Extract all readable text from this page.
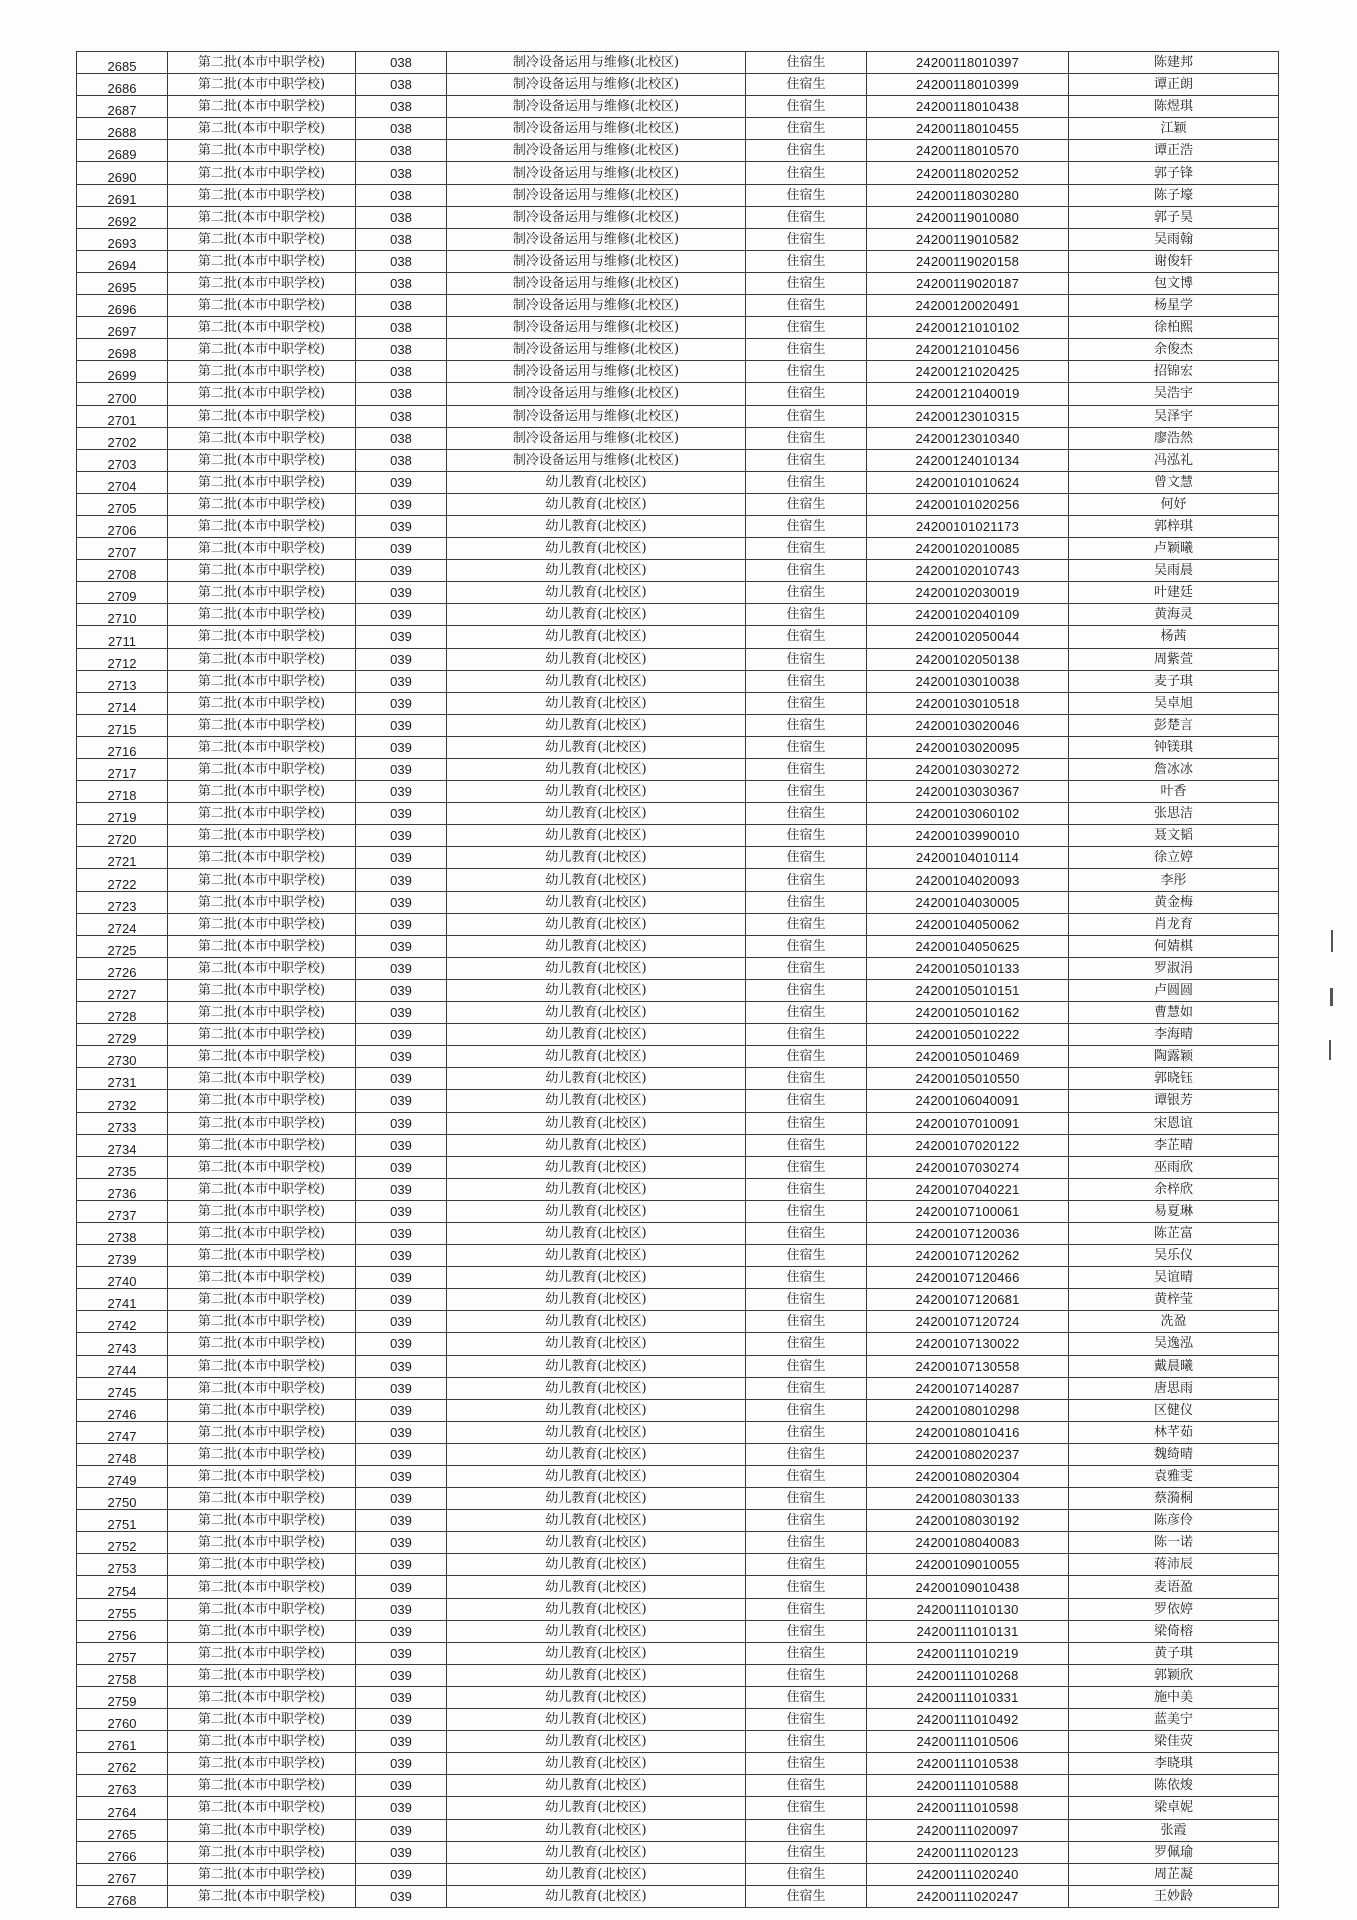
2685	第二批(本市中职学校)	038	制冷设备运用与维修(北校区)	住宿生	24200118010397	陈建邦
2686	第二批(本市中职学校)	038	制冷设备运用与维修(北校区)	住宿生	24200118010399	谭正朗
2687	第二批(本市中职学校)	038	制冷设备运用与维修(北校区)	住宿生	24200118010438	陈煜琪
2688	第二批(本市中职学校)	038	制冷设备运用与维修(北校区)	住宿生	24200118010455	江颖
2689	第二批(本市中职学校)	038	制冷设备运用与维修(北校区)	住宿生	24200118010570	谭正浩
2690	第二批(本市中职学校)	038	制冷设备运用与维修(北校区)	住宿生	24200118020252	郭子锋
2691	第二批(本市中职学校)	038	制冷设备运用与维修(北校区)	住宿生	24200118030280	陈子壕
2692	第二批(本市中职学校)	038	制冷设备运用与维修(北校区)	住宿生	24200119010080	郭子昊
2693	第二批(本市中职学校)	038	制冷设备运用与维修(北校区)	住宿生	24200119010582	吴雨翰
2694	第二批(本市中职学校)	038	制冷设备运用与维修(北校区)	住宿生	24200119020158	谢俊轩
2695	第二批(本市中职学校)	038	制冷设备运用与维修(北校区)	住宿生	24200119020187	包文博
2696	第二批(本市中职学校)	038	制冷设备运用与维修(北校区)	住宿生	24200120020491	杨星学
2697	第二批(本市中职学校)	038	制冷设备运用与维修(北校区)	住宿生	24200121010102	徐柏熙
2698	第二批(本市中职学校)	038	制冷设备运用与维修(北校区)	住宿生	24200121010456	余俊杰
2699	第二批(本市中职学校)	038	制冷设备运用与维修(北校区)	住宿生	24200121020425	招锦宏
2700	第二批(本市中职学校)	038	制冷设备运用与维修(北校区)	住宿生	24200121040019	吴浩宇
2701	第二批(本市中职学校)	038	制冷设备运用与维修(北校区)	住宿生	24200123010315	吴泽宇
2702	第二批(本市中职学校)	038	制冷设备运用与维修(北校区)	住宿生	24200123010340	廖浩然
2703	第二批(本市中职学校)	038	制冷设备运用与维修(北校区)	住宿生	24200124010134	冯泓礼
2704	第二批(本市中职学校)	039	幼儿教育(北校区)	住宿生	24200101010624	曾文慧
2705	第二批(本市中职学校)	039	幼儿教育(北校区)	住宿生	24200101020256	何妤
2706	第二批(本市中职学校)	039	幼儿教育(北校区)	住宿生	24200101021173	郭梓琪
2707	第二批(本市中职学校)	039	幼儿教育(北校区)	住宿生	24200102010085	卢颖曦
2708	第二批(本市中职学校)	039	幼儿教育(北校区)	住宿生	24200102010743	吴雨晨
2709	第二批(本市中职学校)	039	幼儿教育(北校区)	住宿生	24200102030019	叶建廷
2710	第二批(本市中职学校)	039	幼儿教育(北校区)	住宿生	24200102040109	黄海灵
2711	第二批(本市中职学校)	039	幼儿教育(北校区)	住宿生	24200102050044	杨茜
2712	第二批(本市中职学校)	039	幼儿教育(北校区)	住宿生	24200102050138	周紫萱
2713	第二批(本市中职学校)	039	幼儿教育(北校区)	住宿生	24200103010038	麦子琪
2714	第二批(本市中职学校)	039	幼儿教育(北校区)	住宿生	24200103010518	吴卓旭
2715	第二批(本市中职学校)	039	幼儿教育(北校区)	住宿生	24200103020046	彭楚言
2716	第二批(本市中职学校)	039	幼儿教育(北校区)	住宿生	24200103020095	钟镁琪
2717	第二批(本市中职学校)	039	幼儿教育(北校区)	住宿生	24200103030272	詹冰冰
2718	第二批(本市中职学校)	039	幼儿教育(北校区)	住宿生	24200103030367	叶香
2719	第二批(本市中职学校)	039	幼儿教育(北校区)	住宿生	24200103060102	张思洁
2720	第二批(本市中职学校)	039	幼儿教育(北校区)	住宿生	24200103990010	聂文韬
2721	第二批(本市中职学校)	039	幼儿教育(北校区)	住宿生	24200104010114	徐立婷
2722	第二批(本市中职学校)	039	幼儿教育(北校区)	住宿生	24200104020093	李彤
2723	第二批(本市中职学校)	039	幼儿教育(北校区)	住宿生	24200104030005	黄金梅
2724	第二批(本市中职学校)	039	幼儿教育(北校区)	住宿生	24200104050062	肖龙育
2725	第二批(本市中职学校)	039	幼儿教育(北校区)	住宿生	24200104050625	何婧棋
2726	第二批(本市中职学校)	039	幼儿教育(北校区)	住宿生	24200105010133	罗淑涓
2727	第二批(本市中职学校)	039	幼儿教育(北校区)	住宿生	24200105010151	卢圆圆
2728	第二批(本市中职学校)	039	幼儿教育(北校区)	住宿生	24200105010162	曹慧如
2729	第二批(本市中职学校)	039	幼儿教育(北校区)	住宿生	24200105010222	李海晴
2730	第二批(本市中职学校)	039	幼儿教育(北校区)	住宿生	24200105010469	陶露颖
2731	第二批(本市中职学校)	039	幼儿教育(北校区)	住宿生	24200105010550	郭晓钰
2732	第二批(本市中职学校)	039	幼儿教育(北校区)	住宿生	24200106040091	谭银芳
2733	第二批(本市中职学校)	039	幼儿教育(北校区)	住宿生	24200107010091	宋恩谊
2734	第二批(本市中职学校)	039	幼儿教育(北校区)	住宿生	24200107020122	李芷晴
2735	第二批(本市中职学校)	039	幼儿教育(北校区)	住宿生	24200107030274	巫雨欣
2736	第二批(本市中职学校)	039	幼儿教育(北校区)	住宿生	24200107040221	余梓欣
2737	第二批(本市中职学校)	039	幼儿教育(北校区)	住宿生	24200107100061	易夏琳
2738	第二批(本市中职学校)	039	幼儿教育(北校区)	住宿生	24200107120036	陈芷富
2739	第二批(本市中职学校)	039	幼儿教育(北校区)	住宿生	24200107120262	吴乐仪
2740	第二批(本市中职学校)	039	幼儿教育(北校区)	住宿生	24200107120466	吴谊晴
2741	第二批(本市中职学校)	039	幼儿教育(北校区)	住宿生	24200107120681	黄梓莹
2742	第二批(本市中职学校)	039	幼儿教育(北校区)	住宿生	24200107120724	冼盈
2743	第二批(本市中职学校)	039	幼儿教育(北校区)	住宿生	24200107130022	吴逸泓
2744	第二批(本市中职学校)	039	幼儿教育(北校区)	住宿生	24200107130558	戴晨曦
2745	第二批(本市中职学校)	039	幼儿教育(北校区)	住宿生	24200107140287	唐思雨
2746	第二批(本市中职学校)	039	幼儿教育(北校区)	住宿生	24200108010298	区健仪
2747	第二批(本市中职学校)	039	幼儿教育(北校区)	住宿生	24200108010416	林芊茹
2748	第二批(本市中职学校)	039	幼儿教育(北校区)	住宿生	24200108020237	魏绮晴
2749	第二批(本市中职学校)	039	幼儿教育(北校区)	住宿生	24200108020304	袁雅雯
2750	第二批(本市中职学校)	039	幼儿教育(北校区)	住宿生	24200108030133	蔡漪桐
2751	第二批(本市中职学校)	039	幼儿教育(北校区)	住宿生	24200108030192	陈彦伶
2752	第二批(本市中职学校)	039	幼儿教育(北校区)	住宿生	24200108040083	陈一诺
2753	第二批(本市中职学校)	039	幼儿教育(北校区)	住宿生	24200109010055	蒋沛辰
2754	第二批(本市中职学校)	039	幼儿教育(北校区)	住宿生	24200109010438	麦语盈
2755	第二批(本市中职学校)	039	幼儿教育(北校区)	住宿生	24200111010130	罗依婷
2756	第二批(本市中职学校)	039	幼儿教育(北校区)	住宿生	24200111010131	梁倚榕
2757	第二批(本市中职学校)	039	幼儿教育(北校区)	住宿生	24200111010219	黄子琪
2758	第二批(本市中职学校)	039	幼儿教育(北校区)	住宿生	24200111010268	郭颖欣
2759	第二批(本市中职学校)	039	幼儿教育(北校区)	住宿生	24200111010331	施中美
2760	第二批(本市中职学校)	039	幼儿教育(北校区)	住宿生	24200111010492	蓝美宁
2761	第二批(本市中职学校)	039	幼儿教育(北校区)	住宿生	24200111010506	梁佳荧
2762	第二批(本市中职学校)	039	幼儿教育(北校区)	住宿生	24200111010538	李晓琪
2763	第二批(本市中职学校)	039	幼儿教育(北校区)	住宿生	24200111010588	陈依焌
2764	第二批(本市中职学校)	039	幼儿教育(北校区)	住宿生	24200111010598	梁卓妮
2765	第二批(本市中职学校)	039	幼儿教育(北校区)	住宿生	24200111020097	张霞
2766	第二批(本市中职学校)	039	幼儿教育(北校区)	住宿生	24200111020123	罗佩瑜
2767	第二批(本市中职学校)	039	幼儿教育(北校区)	住宿生	24200111020240	周芷凝
2768	第二批(本市中职学校)	039	幼儿教育(北校区)	住宿生	24200111020247	王妙龄
